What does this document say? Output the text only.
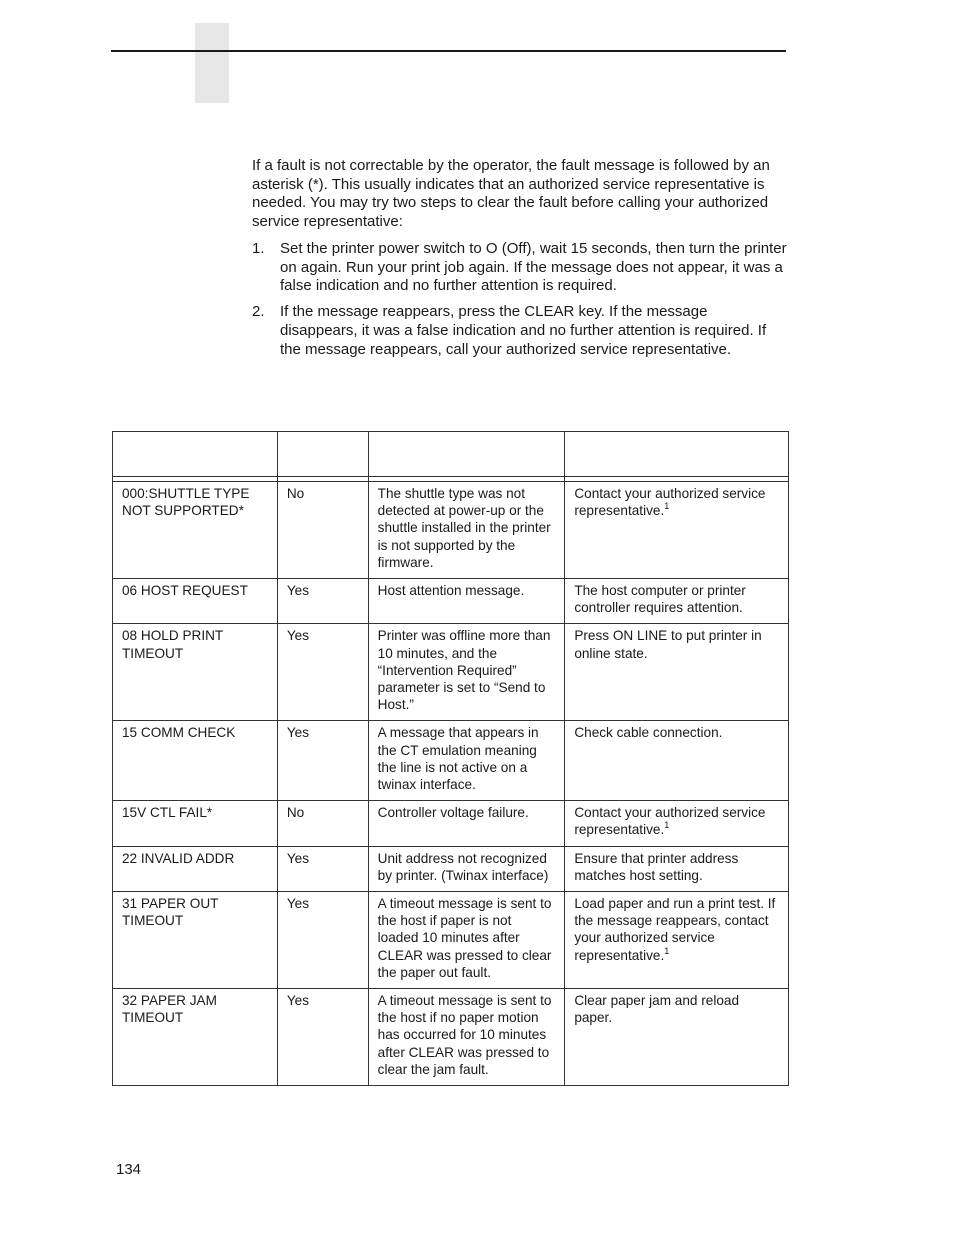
If a fault is not correctable by the operator, the fault message is followed by an asterisk (*). This usually indicates that an authorized service representative is needed. You may try two steps to clear the fault before calling your authorized service representative:

1. Set the printer power switch to O (Off), wait 15 seconds, then turn the printer on again. Run your print job again. If the message does not appear, it was a false indication and no further attention is required.
2. If the message reappears, press the CLEAR key. If the message disappears, it was a false indication and no further attention is required. If the message reappears, call your authorized service representative.

000:SHUTTLE TYPE NOT SUPPORTED*	No	The shuttle type was not detected at power-up or the shuttle installed in the printer is not supported by the firmware.	Contact your authorized service representative.$^1$
06 HOST REQUEST	Yes	Host attention message.	The host computer or printer controller requires attention.
08 HOLD PRINT TIMEOUT	Yes	Printer was offline more than 10 minutes, and the “Intervention Required” parameter is set to “Send to Host.”	Press ON LINE to put printer in online state.
15 COMM CHECK	Yes	A message that appears in the CT emulation meaning the line is not active on a twinax interface.	Check cable connection.
15V CTL FAIL*	No	Controller voltage failure.	Contact your authorized service representative.$^1$
22 INVALID ADDR	Yes	Unit address not recognized by printer. (Twinax interface)	Ensure that printer address matches host setting.
31 PAPER OUT TIMEOUT	Yes	A timeout message is sent to the host if paper is not loaded 10 minutes after CLEAR was pressed to clear the paper out fault.	Load paper and run a print test. If the message reappears, contact your authorized service representative.$^1$
32 PAPER JAM TIMEOUT	Yes	A timeout message is sent to the host if no paper motion has occurred for 10 minutes after CLEAR was pressed to clear the jam fault.	Clear paper jam and reload paper.
134
